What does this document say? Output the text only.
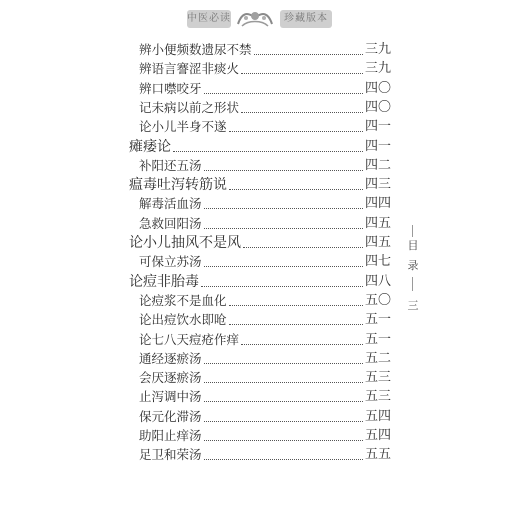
中医必读	珍藏版本
辨小便频数遗尿不禁	三九
辨语言謇涩非痰火	三九
辨口噤咬牙	四〇
记未病以前之形状	四〇
论小儿半身不遂	四一
瘫痿论	四一
补阳还五汤	四二
瘟毒吐泻转筋说	四三
解毒活血汤	四四
急救回阳汤	四五
论小儿抽风不是风	四五
可保立苏汤	四七
论痘非胎毒	四八
论痘浆不是血化	五〇
论出痘饮水即呛	五一
论七八天痘疮作痒	五一
通经逐瘀汤	五二
会厌逐瘀汤	五三
止泻调中汤	五三
保元化滞汤	五四
助阳止痒汤	五四
足卫和荣汤	五五
目
录
三
